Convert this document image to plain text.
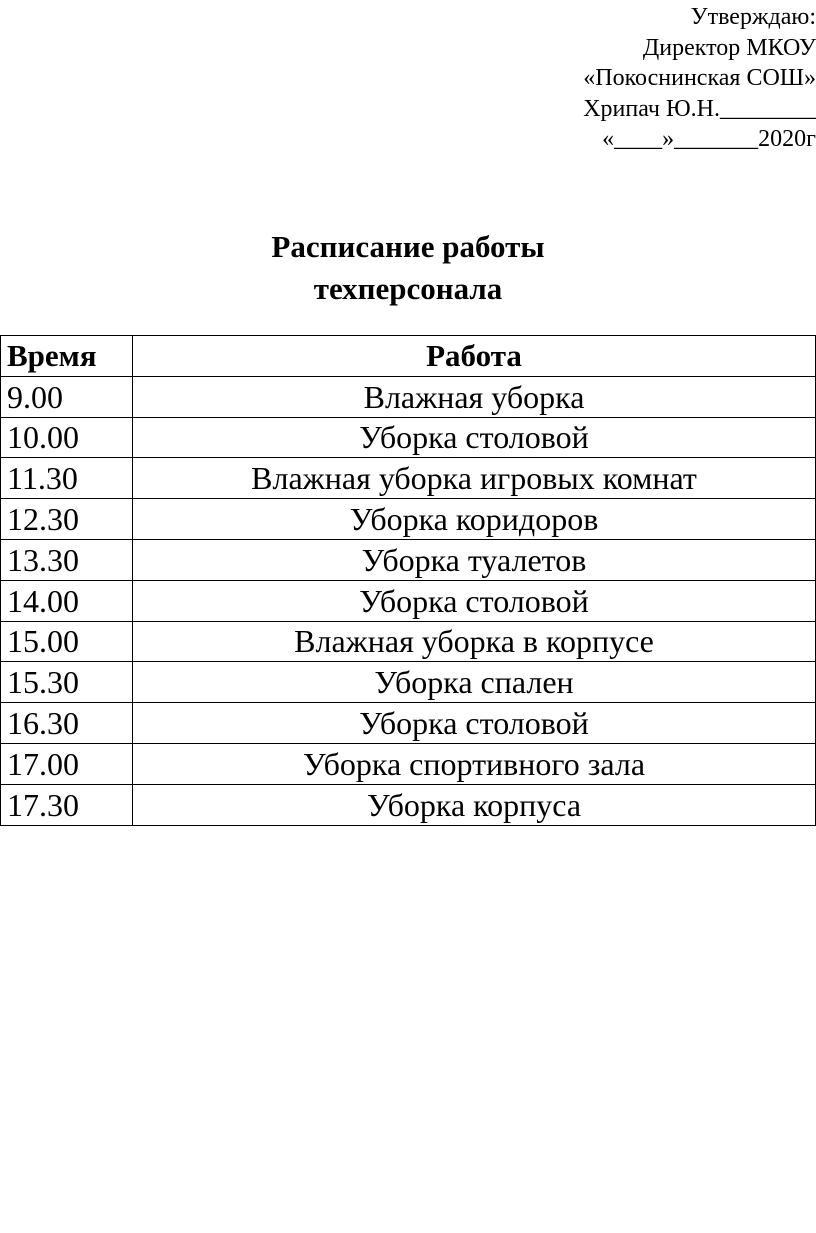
Утверждаю:
Директор МКОУ
«Покоснинская СОШ»
Хрипач Ю.Н.________
«____»_______2020г
Расписание работы
техперсонала
Время	Работа
9.00	Влажная уборка
10.00	Уборка столовой
11.30	Влажная уборка игровых комнат
12.30	Уборка коридоров
13.30	Уборка туалетов
14.00	Уборка столовой
15.00	Влажная уборка в корпусе
15.30	Уборка спален
16.30	Уборка столовой
17.00	Уборка спортивного зала
17.30	Уборка корпуса
